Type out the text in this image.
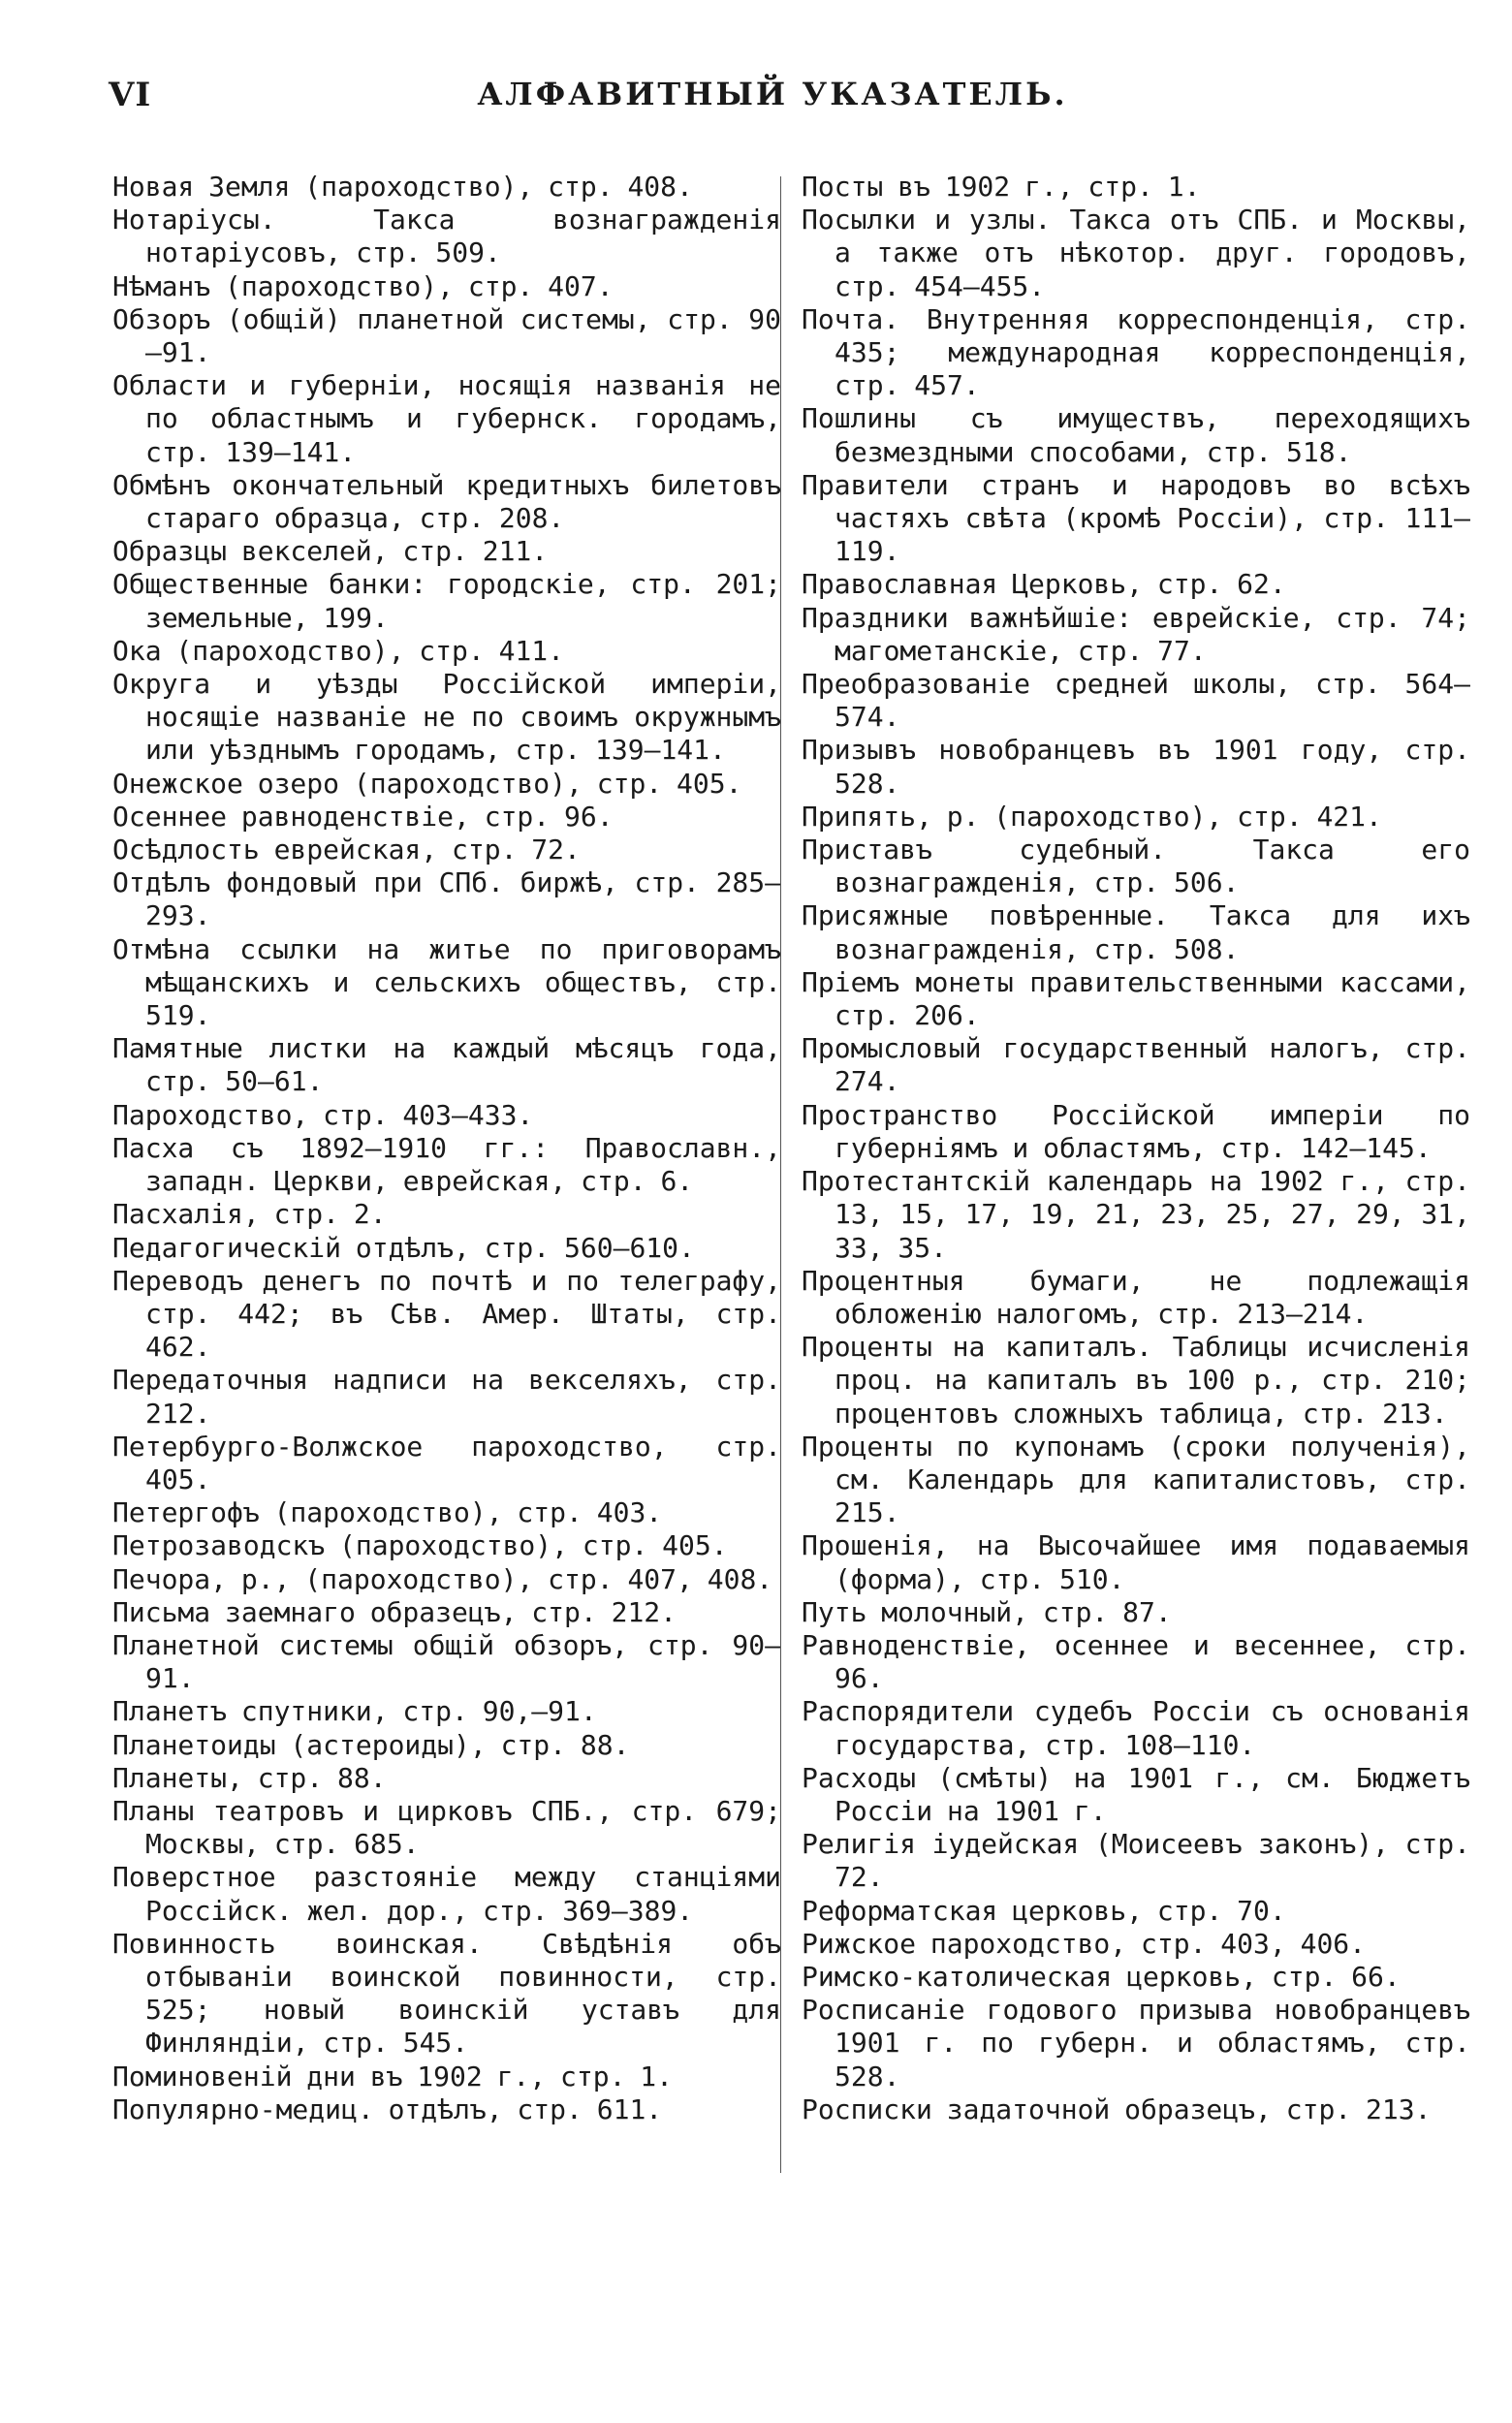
VI	АЛФАВИТНЫЙ УКАЗАТЕЛЬ.

Новая Земля (пароходство), стр. 408.

Нотаріусы. Такса вознагражденія нотаріусовъ, стр. 509.

Нѣманъ (пароходство), стр. 407.

Обзоръ (общій) планетной системы, стр. 90—91.

Области и губерніи, носящія названія не по областнымъ и губернск. городамъ, стр. 139—141.

Обмѣнъ окончательный кредитныхъ билетовъ стараго образца, стр. 208.

Образцы векселей, стр. 211.

Общественные банки: городскіе, стр. 201; земельные, 199.

Ока (пароходство), стр. 411.

Округа и уѣзды Россійской имперіи, носящіе названіе не по своимъ окружнымъ или уѣзднымъ городамъ, стр. 139—141.

Онежское озеро (пароходство), стр. 405.

Осеннее равноденствіе, стр. 96.

Осѣдлость еврейская, стр. 72.

Отдѣлъ фондовый при СПб. биржѣ, стр. 285—293.

Отмѣна ссылки на житье по приговорамъ мѣщанскихъ и сельскихъ обществъ, стр. 519.

Памятные листки на каждый мѣсяцъ года, стр. 50—61.

Пароходство, стр. 403—433.

Пасха съ 1892—1910 гг.: Православн., западн. Церкви, еврейская, стр. 6.

Пасхалія, стр. 2.

Педагогическій отдѣлъ, стр. 560—610.

Переводъ денегъ по почтѣ и по телеграфу, стр. 442; въ Сѣв. Амер. Штаты, стр. 462.

Передаточныя надписи на векселяхъ, стр. 212.

Петербурго-Волжское пароходство, стр. 405.

Петергофъ (пароходство), стр. 403.

Петрозаводскъ (пароходство), стр. 405.

Печора, р., (пароходство), стр. 407, 408.

Письма заемнаго образецъ, стр. 212.

Планетной системы общій обзоръ, стр. 90—91.

Планетъ спутники, стр. 90,—91.

Планетоиды (астероиды), стр. 88.

Планеты, стр. 88.

Планы театровъ и цирковъ СПБ., стр. 679; Москвы, стр. 685.

Поверстное разстояніе между станціями Россійск. жел. дор., стр. 369—389.

Повинность воинская. Свѣдѣнія объ отбываніи воинской повинности, стр. 525; новый воинскій уставъ для Финляндіи, стр. 545.

Поминовеній дни въ 1902 г., стр. 1.

Популярно-медиц. отдѣлъ, стр. 611.

Посты въ 1902 г., стр. 1.

Посылки и узлы. Такса отъ СПБ. и Москвы, а также отъ нѣкотор. друг. городовъ, стр. 454—455.

Почта. Внутренняя корреспонденція, стр. 435; международная корреспонденція, стр. 457.

Пошлины съ имуществъ, переходящихъ безмездными способами, стр. 518.

Правители странъ и народовъ во всѣхъ частяхъ свѣта (кромѣ Россіи), стр. 111—119.

Православная Церковь, стр. 62.

Праздники важнѣйшіе: еврейскіе, стр. 74; магометанскіе, стр. 77.

Преобразованіе средней школы, стр. 564—574.

Призывъ новобранцевъ въ 1901 году, стр. 528.

Припять, р. (пароходство), стр. 421.

Приставъ судебный. Такса его вознагражденія, стр. 506.

Присяжные повѣренные. Такса для ихъ вознагражденія, стр. 508.

Пріемъ монеты правительственными кассами, стр. 206.

Промысловый государственный налогъ, стр. 274.

Пространство Россійской имперіи по губерніямъ и областямъ, стр. 142—145.

Протестантскій календарь на 1902 г., стр. 13, 15, 17, 19, 21, 23, 25, 27, 29, 31, 33, 35.

Процентныя бумаги, не подлежащія обложенію налогомъ, стр. 213—214.

Проценты на капиталъ. Таблицы исчисленія проц. на капиталъ въ 100 р., стр. 210; процентовъ сложныхъ таблица, стр. 213.

Проценты по купонамъ (сроки полученія), см. Календарь для капиталистовъ, стр. 215.

Прошенія, на Высочайшее имя подаваемыя (форма), стр. 510.

Путь молочный, стр. 87.

Равноденствіе, осеннее и весеннее, стр. 96.

Распорядители судебъ Россіи съ основанія государства, стр. 108—110.

Расходы (смѣты) на 1901 г., см. Бюджетъ Россіи на 1901 г.

Религія іудейская (Моисеевъ законъ), стр. 72.

Реформатская церковь, стр. 70.

Рижское пароходство, стр. 403, 406.

Римско-католическая церковь, стр. 66.

Росписаніе годового призыва новобранцевъ 1901 г. по губерн. и областямъ, стр. 528.

Росписки задаточной образецъ, стр. 213.
